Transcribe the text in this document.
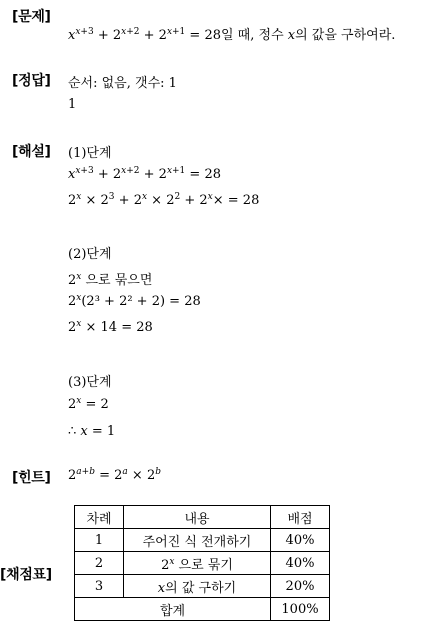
[문제]
$x^{x+3} + 2^{x+2} + 2^{x+1} = 28$일 때, 정수 x의 값을 구하여라.
[정답] 순서: 없음, 갯수: 1
1
[해설] (1)단계
$x^{x+3} + 2^{x+2} + 2^{x+1} = 28$
$2^x \times 2^3 + 2^x \times 2^2 + 2^x\times = 28$
(2)단계
2$^x$ 으로 묶으면
$2^x(2^3 + 2^2 + 2) = 28$
$2^x \times 14 = 28$
(3)단계
$2^x = 2$
∴ x = 1
[힌트] $2^{a+b} = 2^a \times 2^b$
[채점표]
차례	내용	배점
1	주어진 식 전개하기	40%
2	2$^x$ 으로 묶기	40%
3	x의 값 구하기	20%
합계		100%
